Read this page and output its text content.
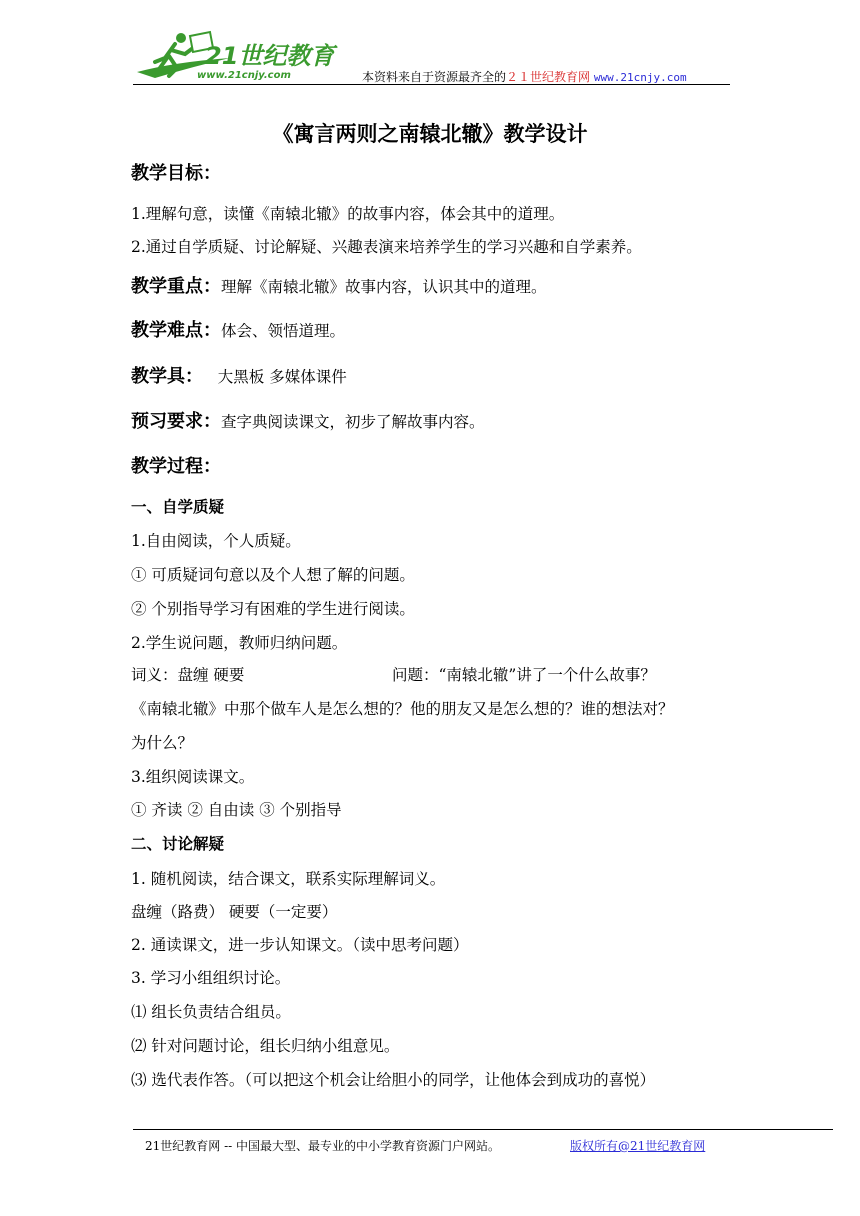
21世纪教育
www.21cnjy.com	本资料来自于资源最齐全的２１世纪教育网 www.21cnjy.com
《寓言两则之南辕北辙》教学设计
教学目标：
1.理解句意，读懂《南辕北辙》的故事内容，体会其中的道理。
2.通过自学质疑、讨论解疑、兴趣表演来培养学生的学习兴趣和自学素养。
教学重点：理解《南辕北辙》故事内容，认识其中的道理。
教学难点：体会、领悟道理。
教学具： 大黑板 多媒体课件
预习要求：查字典阅读课文，初步了解故事内容。
教学过程：
一、自学质疑
1.自由阅读，个人质疑。
① 可质疑词句意以及个人想了解的问题。
② 个别指导学习有困难的学生进行阅读。
2.学生说问题，教师归纳问题。
词义：盘缠 硬要	问题：“南辕北辙”讲了一个什么故事？
《南辕北辙》中那个做车人是怎么想的？他的朋友又是怎么想的？谁的想法对？
为什么？
3.组织阅读课文。
① 齐读 ② 自由读 ③ 个别指导
二、讨论解疑
1. 随机阅读，结合课文，联系实际理解词义。
盘缠（路费） 硬要（一定要）
2. 通读课文，进一步认知课文。（读中思考问题）
3. 学习小组组织讨论。
⑴ 组长负责结合组员。
⑵ 针对问题讨论，组长归纳小组意见。
⑶ 选代表作答。（可以把这个机会让给胆小的同学，让他体会到成功的喜悦）
21世纪教育网 -- 中国最大型、最专业的中小学教育资源门户网站。	版权所有@21世纪教育网
